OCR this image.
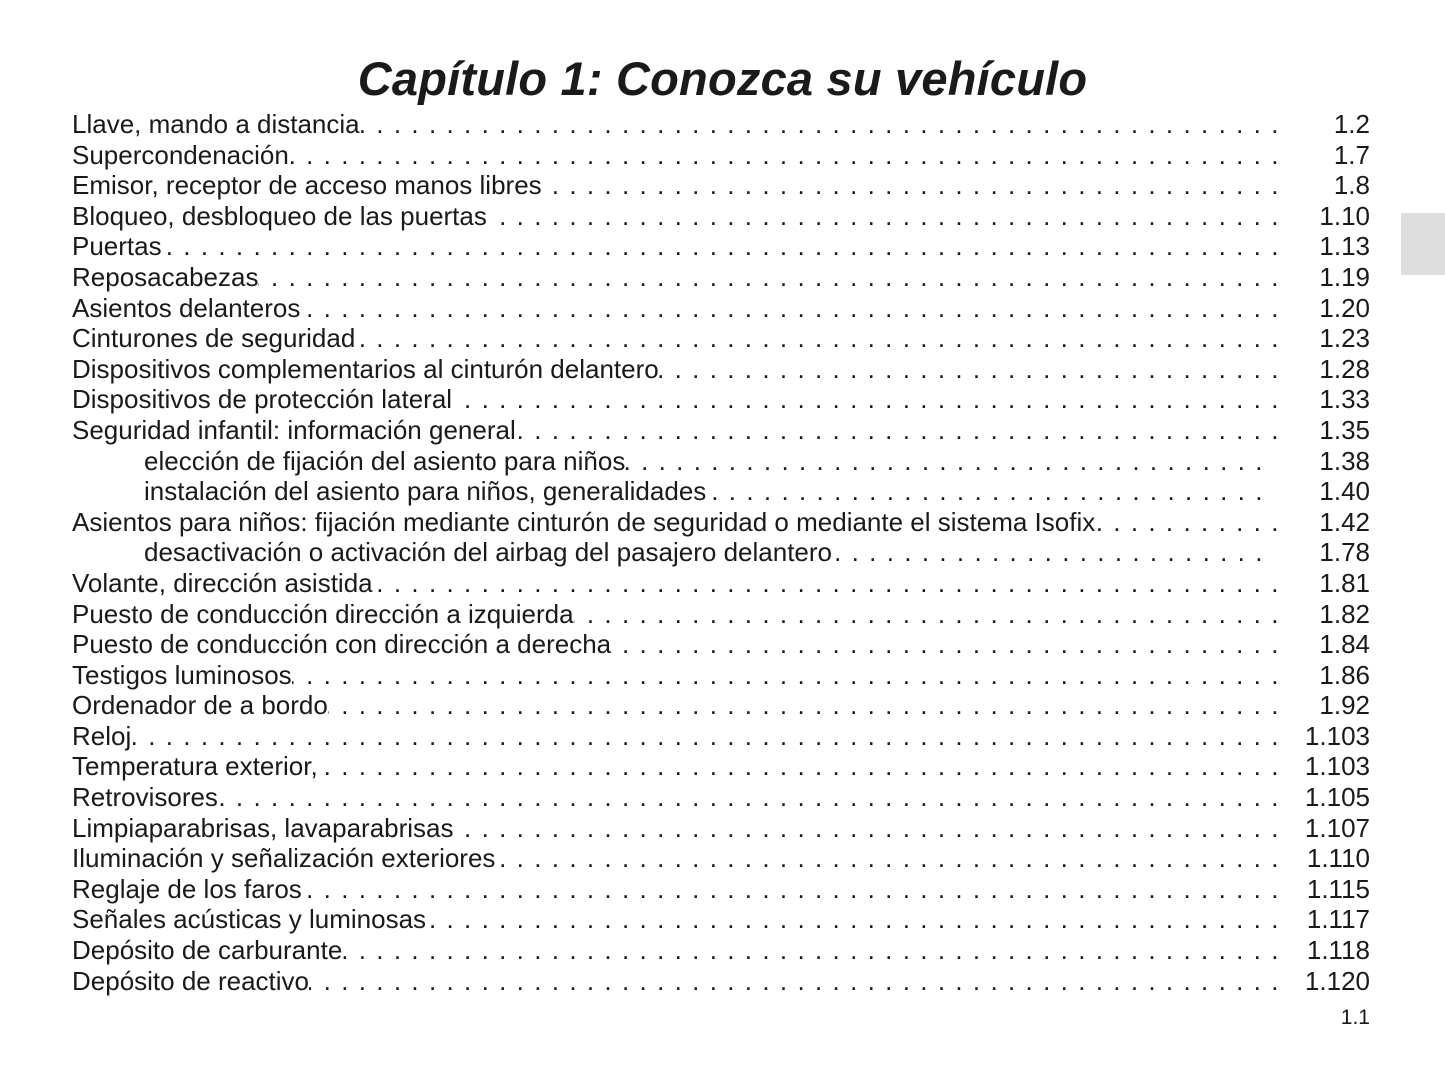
Capítulo 1: Conozca su vehículo
Llave, mando a distancia . . .	1.2
Supercondenación . . .	1.7
Emisor, receptor de acceso manos libres . . .	1.8
Bloqueo, desbloqueo de las puertas . . .	1.10
Puertas . . .	1.13
Reposacabezas . . .	1.19
Asientos delanteros . . .	1.20
Cinturones de seguridad . . .	1.23
Dispositivos complementarios al cinturón delantero . . .	1.28
Dispositivos de protección lateral . . .	1.33
Seguridad infantil: información general . . .	1.35
elección de fijación del asiento para niños . . .	1.38
instalación del asiento para niños, generalidades . . .	1.40
Asientos para niños: fijación mediante cinturón de seguridad o mediante el sistema Isofix . . .	1.42
desactivación o activación del airbag del pasajero delantero . . .	1.78
Volante, dirección asistida . . .	1.81
Puesto de conducción dirección a izquierda . . .	1.82
Puesto de conducción con dirección a derecha . . .	1.84
Testigos luminosos . . .	1.86
Ordenador de a bordo . . .	1.92
Reloj . . .	1.103
Temperatura exterior, . . .	1.103
Retrovisores . . .	1.105
Limpiaparabrisas, lavaparabrisas . . .	1.107
Iluminación y señalización exteriores . . .	1.110
Reglaje de los faros . . .	1.115
Señales acústicas y luminosas . . .	1.117
Depósito de carburante . . .	1.118
Depósito de reactivo . . .	1.120
1.1
